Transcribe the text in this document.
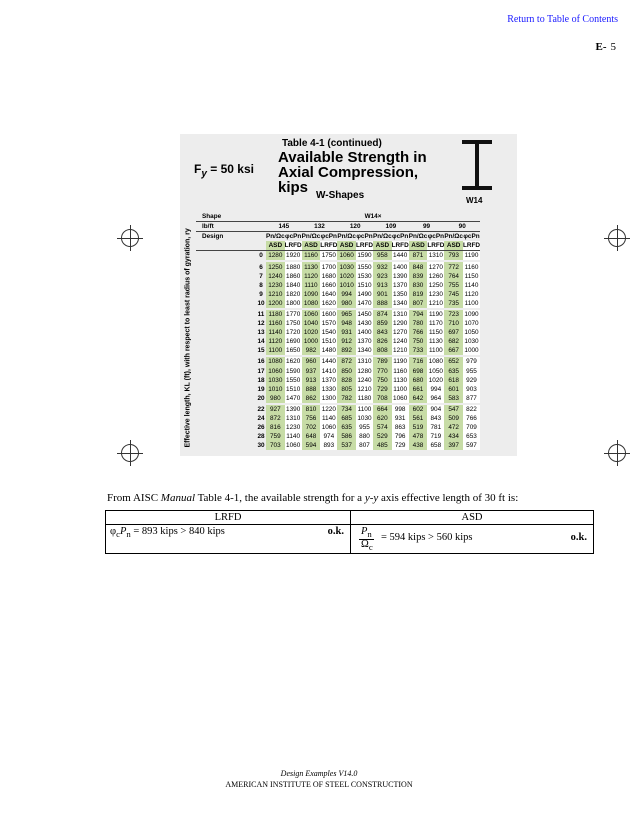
Return to Table of Contents
E- 5
$F_y = 50$ ksi
Table 4-1 (continued)
Available Strength in Axial Compression, kips W-Shapes	W14
Effective length, KL (ft), with respect to least radius of gyration, ry
Shape		W14×											
lb/ft		145		132		120		109		99		90	
Design		Pn/Ωc	φcPn	Pn/Ωc	φcPn	Pn/Ωc	φcPn	Pn/Ωc	φcPn	Pn/Ωc	φcPn	Pn/Ωc	φcPn
		ASD	LRFD	ASD	LRFD	ASD	LRFD	ASD	LRFD	ASD	LRFD	ASD	LRFD
	0	1280	1920	1160	1750	1060	1590	958	1440	871	1310	793	1190

	6	1250	1880	1130	1700	1030	1550	932	1400	848	1270	772	1160
	7	1240	1860	1120	1680	1020	1530	923	1390	839	1260	764	1150
	8	1230	1840	1110	1660	1010	1510	913	1370	830	1250	755	1140
	9	1210	1820	1090	1640	994	1490	901	1350	819	1230	745	1120
	10	1200	1800	1080	1620	980	1470	888	1340	807	1210	735	1100

	11	1180	1770	1060	1600	965	1450	874	1310	794	1190	723	1090
	12	1160	1750	1040	1570	948	1430	859	1290	780	1170	710	1070
	13	1140	1720	1020	1540	931	1400	843	1270	766	1150	697	1050
	14	1120	1690	1000	1510	912	1370	826	1240	750	1130	682	1030
	15	1100	1650	982	1480	892	1340	808	1210	733	1100	667	1000

	16	1080	1620	960	1440	872	1310	789	1190	716	1080	652	979
	17	1060	1590	937	1410	850	1280	770	1160	698	1050	635	955
	18	1030	1550	913	1370	828	1240	750	1130	680	1020	618	929
	19	1010	1510	888	1330	805	1210	729	1100	661	994	601	903
	20	980	1470	862	1300	782	1180	708	1060	642	964	583	877

	22	927	1390	810	1220	734	1100	664	998	602	904	547	822
	24	872	1310	756	1140	685	1030	620	931	561	843	509	766
	26	816	1230	702	1060	635	955	574	863	519	781	472	709
	28	759	1140	648	974	586	880	529	796	478	719	434	653
	30	703	1060	594	893	537	807	485	729	438	658	397	597
From AISC Manual Table 4-1, the available strength for a y-y axis effective length of 30 ft is:
LRFD	ASD
$\varphi_cP_n = 893$ kips > 840 kips o.k.	$P_n$
$\Omega_c$
= 594 kips > 560 kips o.k.
Design Examples V14.0
AMERICAN INSTITUTE OF STEEL CONSTRUCTION
